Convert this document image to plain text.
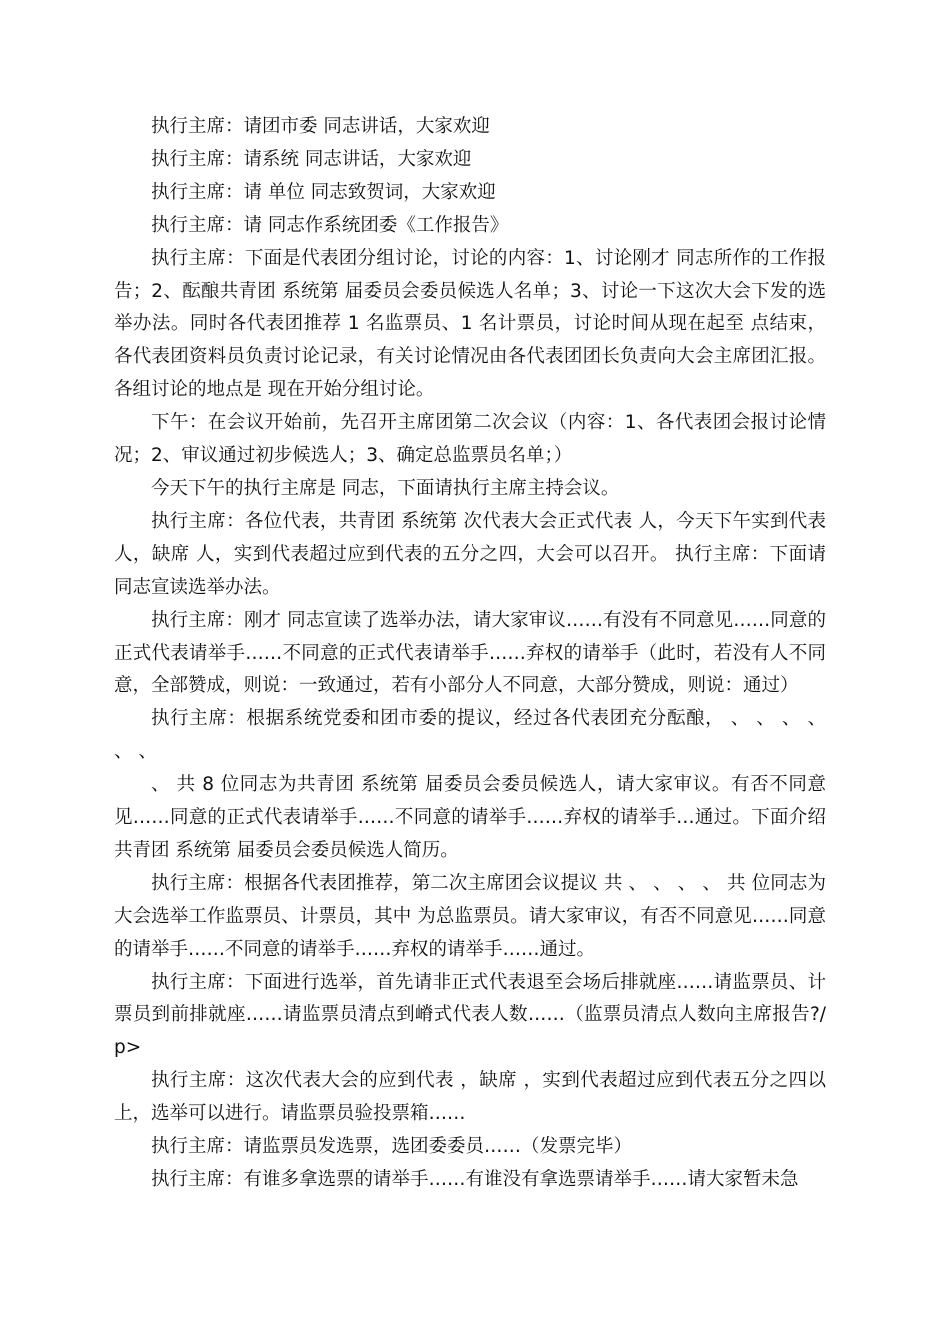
执行主席：请团市委 同志讲话，大家欢迎

执行主席：请系统 同志讲话，大家欢迎

执行主席：请 单位 同志致贺词，大家欢迎

执行主席：请 同志作系统团委《工作报告》

执行主席：下面是代表团分组讨论，讨论的内容：1、讨论刚才 同志所作的工作报告；2、酝酿共青团 系统第 届委员会委员候选人名单；3、讨论一下这次大会下发的选举办法。同时各代表团推荐 1 名监票员、1 名计票员，讨论时间从现在起至 点结束，各代表团资料员负责讨论记录，有关讨论情况由各代表团团长负责向大会主席团汇报。各组讨论的地点是 现在开始分组讨论。

下午：在会议开始前，先召开主席团第二次会议（内容：1、各代表团会报讨论情况；2、审议通过初步候选人；3、确定总监票员名单；）

今天下午的执行主席是 同志，下面请执行主席主持会议。

执行主席：各位代表，共青团 系统第 次代表大会正式代表 人，今天下午实到代表 人，缺席 人，实到代表超过应到代表的五分之四，大会可以召开。 执行主席：下面请 同志宣读选举办法。

执行主席：刚才 同志宣读了选举办法，请大家审议……有没有不同意见……同意的正式代表请举手……不同意的正式代表请举手……弃权的请举手（此时，若没有人不同意，全部赞成，则说：一致通过，若有小部分人不同意，大部分赞成，则说：通过）

执行主席：根据系统党委和团市委的提议，经过各代表团充分酝酿， 、 、 、 、 、 、

、 共 8 位同志为共青团 系统第 届委员会委员候选人，请大家审议。有否不同意见……同意的正式代表请举手……不同意的请举手……弃权的请举手…通过。下面介绍共青团 系统第 届委员会委员候选人简历。

执行主席：根据各代表团推荐，第二次主席团会议提议 共 、 、 、 、 共 位同志为大会选举工作监票员、计票员，其中 为总监票员。请大家审议，有否不同意见……同意的请举手……不同意的请举手……弃权的请举手……通过。

执行主席：下面进行选举，首先请非正式代表退至会场后排就座……请监票员、计票员到前排就座……请监票员清点到嵴式代表人数……（监票员清点人数向主席报告?/p>

执行主席：这次代表大会的应到代表 ，缺席 ，实到代表超过应到代表五分之四以上，选举可以进行。请监票员验投票箱……

执行主席：请监票员发选票，选团委委员……（发票完毕）

执行主席：有谁多拿选票的请举手……有谁没有拿选票请举手……请大家暂未急
